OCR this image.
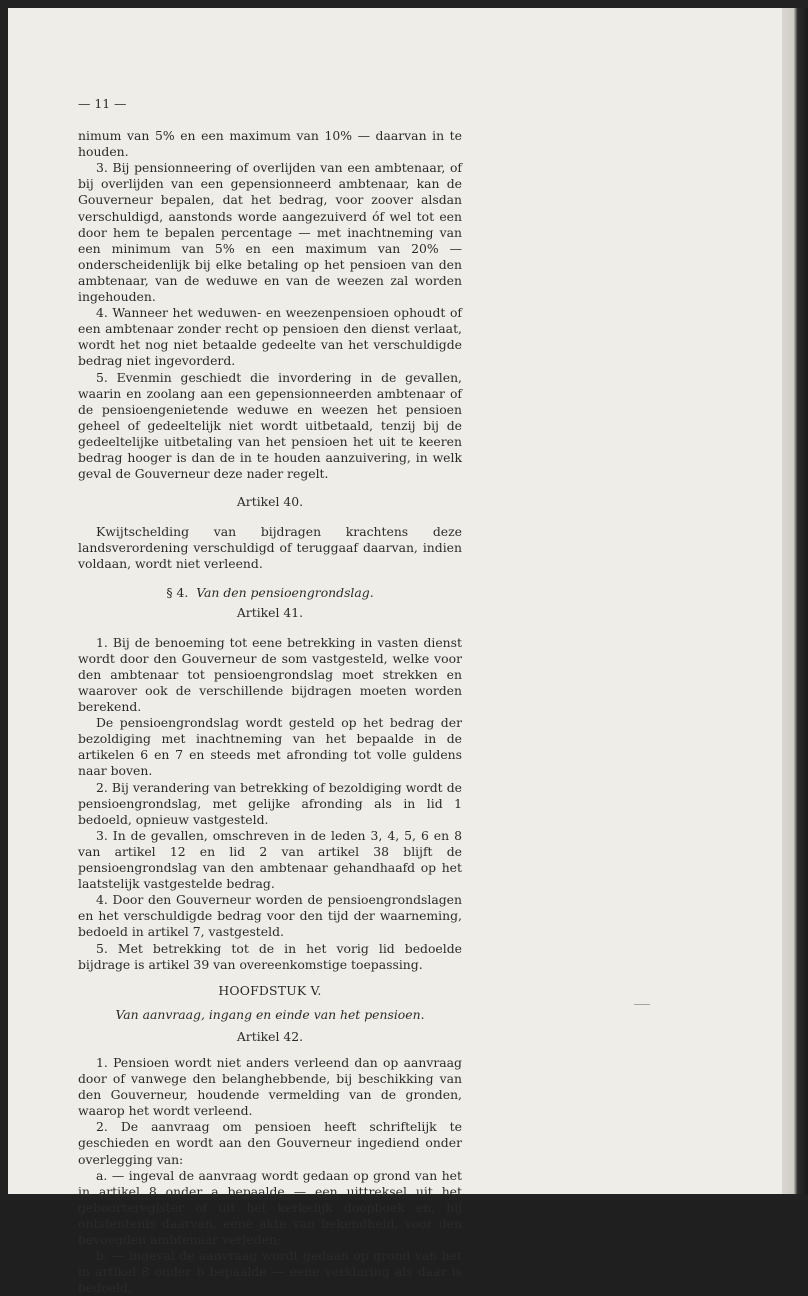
— 11 —

nimum van 5% en een maximum van 10% — daarvan in te houden.

3. Bij pensionneering of overlijden van een ambtenaar, of bij overlijden van een gepensionneerd ambtenaar, kan de Gouverneur bepalen, dat het bedrag, voor zoover alsdan verschuldigd, aanstonds worde aangezuiverd óf wel tot een door hem te bepalen percentage — met inachtneming van een minimum van 5% en een maximum van 20% — onderscheidenlijk bij elke betaling op het pensioen van den ambtenaar, van de weduwe en van de weezen zal worden ingehouden.

4. Wanneer het weduwen- en weezenpensioen ophoudt of een ambtenaar zonder recht op pensioen den dienst verlaat, wordt het nog niet betaalde gedeelte van het verschuldigde bedrag niet ingevorderd.

5. Evenmin geschiedt die invordering in de gevallen, waarin en zoolang aan een gepensionneerden ambtenaar of de pensioengenietende weduwe en weezen het pensioen geheel of gedeeltelijk niet wordt uitbetaald, tenzij bij de gedeeltelijke uitbetaling van het pensioen het uit te keeren bedrag hooger is dan de in te houden aanzuivering, in welk geval de Gouverneur deze nader regelt.

Artikel 40.

Kwijtschelding van bijdragen krachtens deze landsverordening verschuldigd of teruggaaf daarvan, indien voldaan, wordt niet verleend.

§ 4. Van den pensioengrondslag.

Artikel 41.

1. Bij de benoeming tot eene betrekking in vasten dienst wordt door den Gouverneur de som vastgesteld, welke voor den ambtenaar tot pensioengrondslag moet strekken en waarover ook de verschillende bijdragen moeten worden berekend.

De pensioengrondslag wordt gesteld op het bedrag der bezoldiging met inachtneming van het bepaalde in de artikelen 6 en 7 en steeds met afronding tot volle guldens naar boven.

2. Bij verandering van betrekking of bezoldiging wordt de pensioengrondslag, met gelijke afronding als in lid 1 bedoeld, opnieuw vastgesteld.

3. In de gevallen, omschreven in de leden 3, 4, 5, 6 en 8 van artikel 12 en lid 2 van artikel 38 blijft de pensioengrondslag van den ambtenaar gehandhaafd op het laatstelijk vastgestelde bedrag.

4. Door den Gouverneur worden de pensioengrondslagen en het verschuldigde bedrag voor den tijd der waarneming, bedoeld in artikel 7, vastgesteld.

5. Met betrekking tot de in het vorig lid bedoelde bijdrage is artikel 39 van overeenkomstige toepassing.

HOOFDSTUK V.

Van aanvraag, ingang en einde van het pensioen.

Artikel 42.

1. Pensioen wordt niet anders verleend dan op aanvraag door of vanwege den belanghebbende, bij beschikking van den Gouverneur, houdende vermelding van de gronden, waarop het wordt verleend.

2. De aanvraag om pensioen heeft schriftelijk te geschieden en wordt aan den Gouverneur ingediend onder overlegging van:

a. — ingeval de aanvraag wordt gedaan op grond van het in artikel 8 onder a bepaalde — een uittreksel uit het geboorteregister of uit het kerkelijk doopboek en, bij ontstentenis daarvan, eene akte van bekendheid, voor den bevoegden ambtenaar verleden;

b. — ingeval de aanvraag wordt gedaan op grond van het in artikel 8 onder b bepaalde — eene verklaring als daar is bedoeld;
